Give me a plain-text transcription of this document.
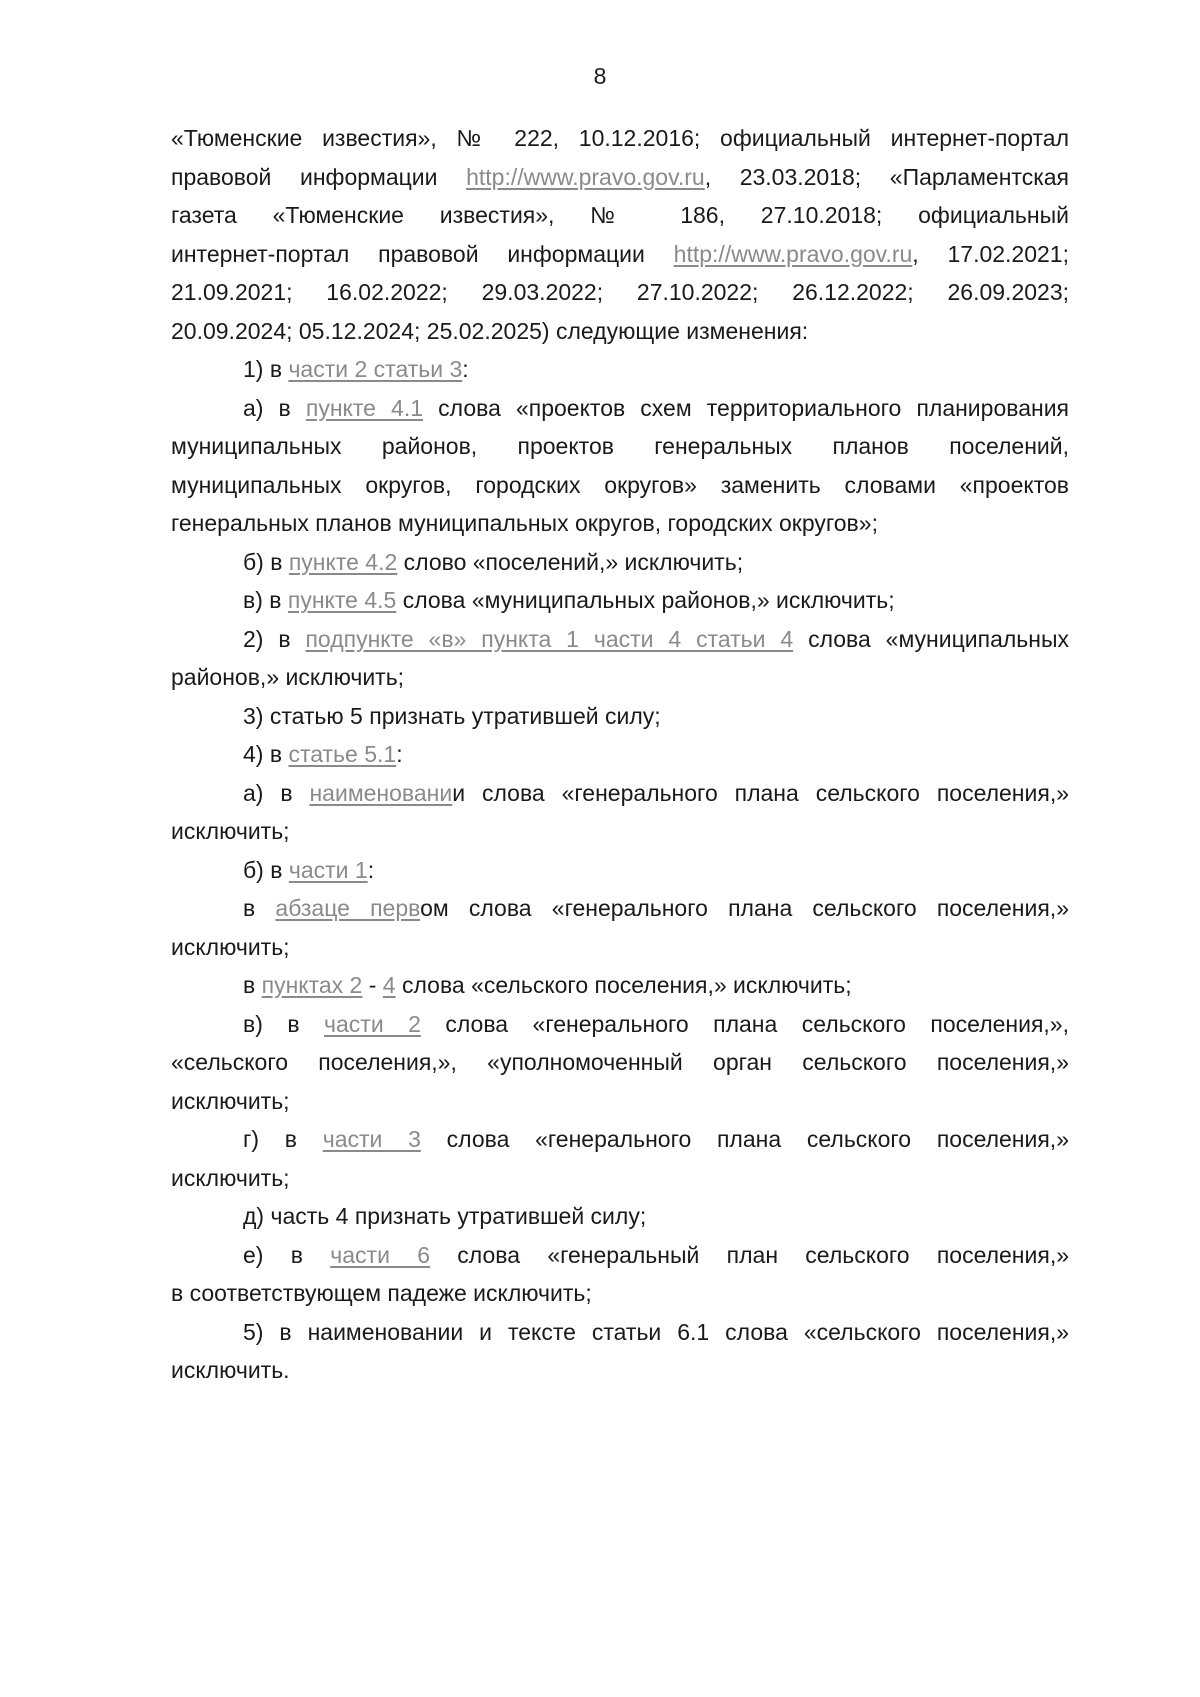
8
«Тюменские известия», № 222, 10.12.2016; официальный интернет-портал
правовой информации http://www.pravo.gov.ru, 23.03.2018; «Парламентская
газета «Тюменские известия», № 186, 27.10.2018; официальный
интернет-портал правовой информации http://www.pravo.gov.ru, 17.02.2021;
21.09.2021; 16.02.2022; 29.03.2022; 27.10.2022; 26.12.2022; 26.09.2023;
20.09.2024; 05.12.2024; 25.02.2025) следующие изменения:
1) в части 2 статьи 3:
а) в пункте 4.1 слова «проектов схем территориального планирования
муниципальных районов, проектов генеральных планов поселений,
муниципальных округов, городских округов» заменить словами «проектов
генеральных планов муниципальных округов, городских округов»;
б) в пункте 4.2 слово «поселений,» исключить;
в) в пункте 4.5 слова «муниципальных районов,» исключить;
2) в подпункте «в» пункта 1 части 4 статьи 4 слова «муниципальных
районов,» исключить;
3) статью 5 признать утратившей силу;
4) в статье 5.1:
а) в наименовании слова «генерального плана сельского поселения,»
исключить;
б) в части 1:
в абзаце первом слова «генерального плана сельского поселения,»
исключить;
в пунктах 2 - 4 слова «сельского поселения,» исключить;
в) в части 2 слова «генерального плана сельского поселения,»,
«сельского поселения,», «уполномоченный орган сельского поселения,»
исключить;
г) в части 3 слова «генерального плана сельского поселения,»
исключить;
д) часть 4 признать утратившей силу;
е) в части 6 слова «генеральный план сельского поселения,»
в соответствующем падеже исключить;
5) в наименовании и тексте статьи 6.1 слова «сельского поселения,»
исключить.
